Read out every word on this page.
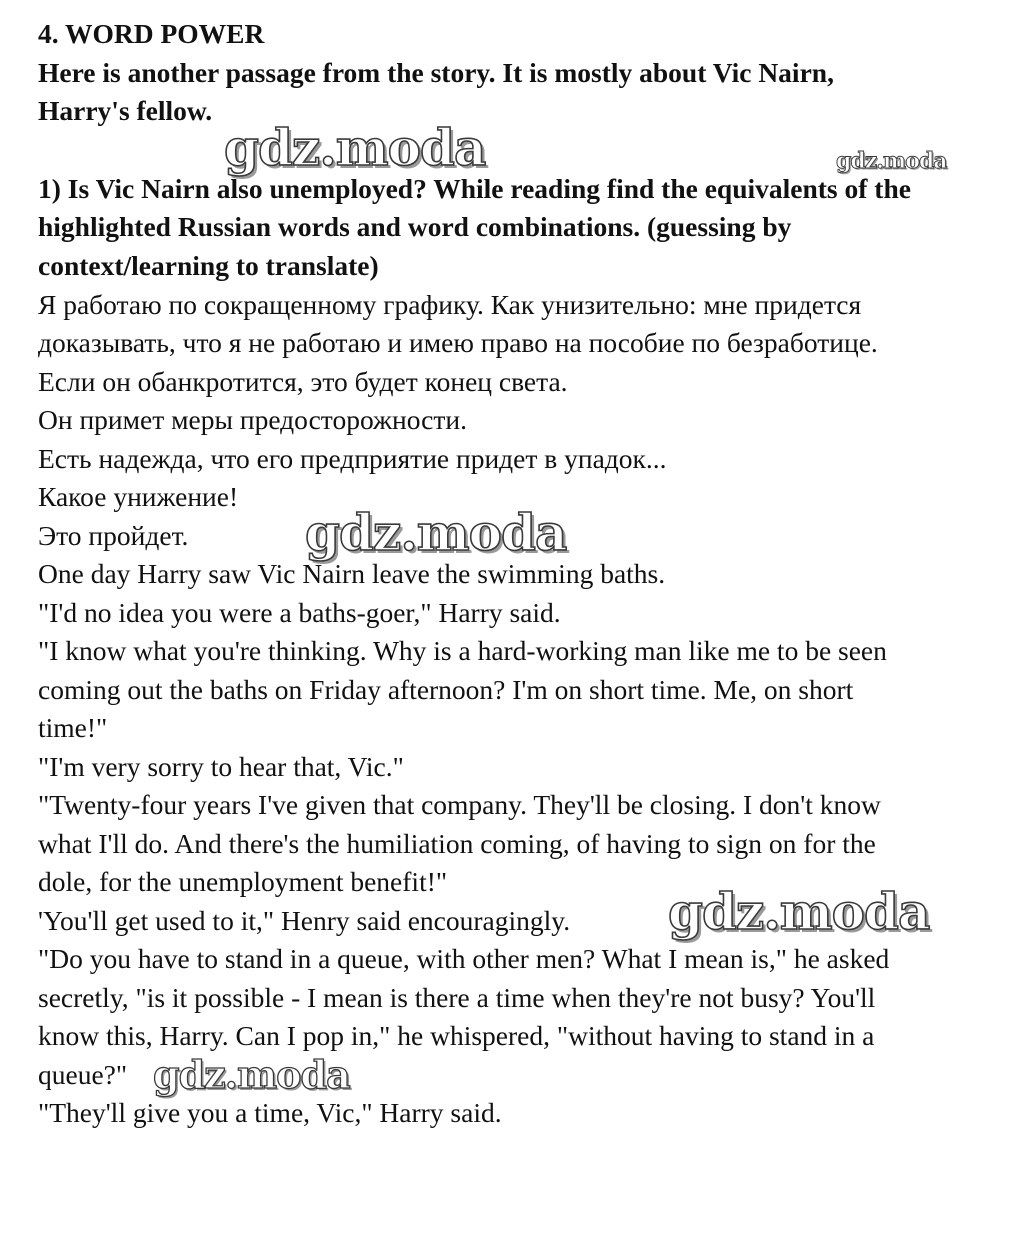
4. WORD POWER
Here is another passage from the story. It is mostly about Vic Nairn,
Harry's fellow.
1) Is Vic Nairn also unemployed? While reading find the equivalents of the
highlighted Russian words and word combinations. (guessing by
context/learning to translate)
Я работаю по сокращенному графику. Как унизительно: мне придется
доказывать, что я не работаю и имею право на пособие по безработице.
Если он обанкротится, это будет конец света.
Он примет меры предосторожности.
Есть надежда, что его предприятие придет в упадок...
Какое унижение!
Это пройдет.
One day Harry saw Vic Nairn leave the swimming baths.
"I'd no idea you were a baths-goer," Harry said.
"I know what you're thinking. Why is a hard-working man like me to be seen
coming out the baths on Friday afternoon? I'm on short time. Me, on short
time!"
"I'm very sorry to hear that, Vic."
"Twenty-four years I've given that company. They'll be closing. I don't know
what I'll do. And there's the humiliation coming, of having to sign on for the
dole, for the unemployment benefit!"
'You'll get used to it," Henry said encouragingly.
"Do you have to stand in a queue, with other men? What I mean is," he asked
secretly, "is it possible - I mean is there a time when they're not busy? You'll
know this, Harry. Can I pop in," he whispered, "without having to stand in a
queue?"
"They'll give you a time, Vic," Harry said.
gdz.moda	gdz.moda
gdz.moda
gdz.moda
gdz.moda
